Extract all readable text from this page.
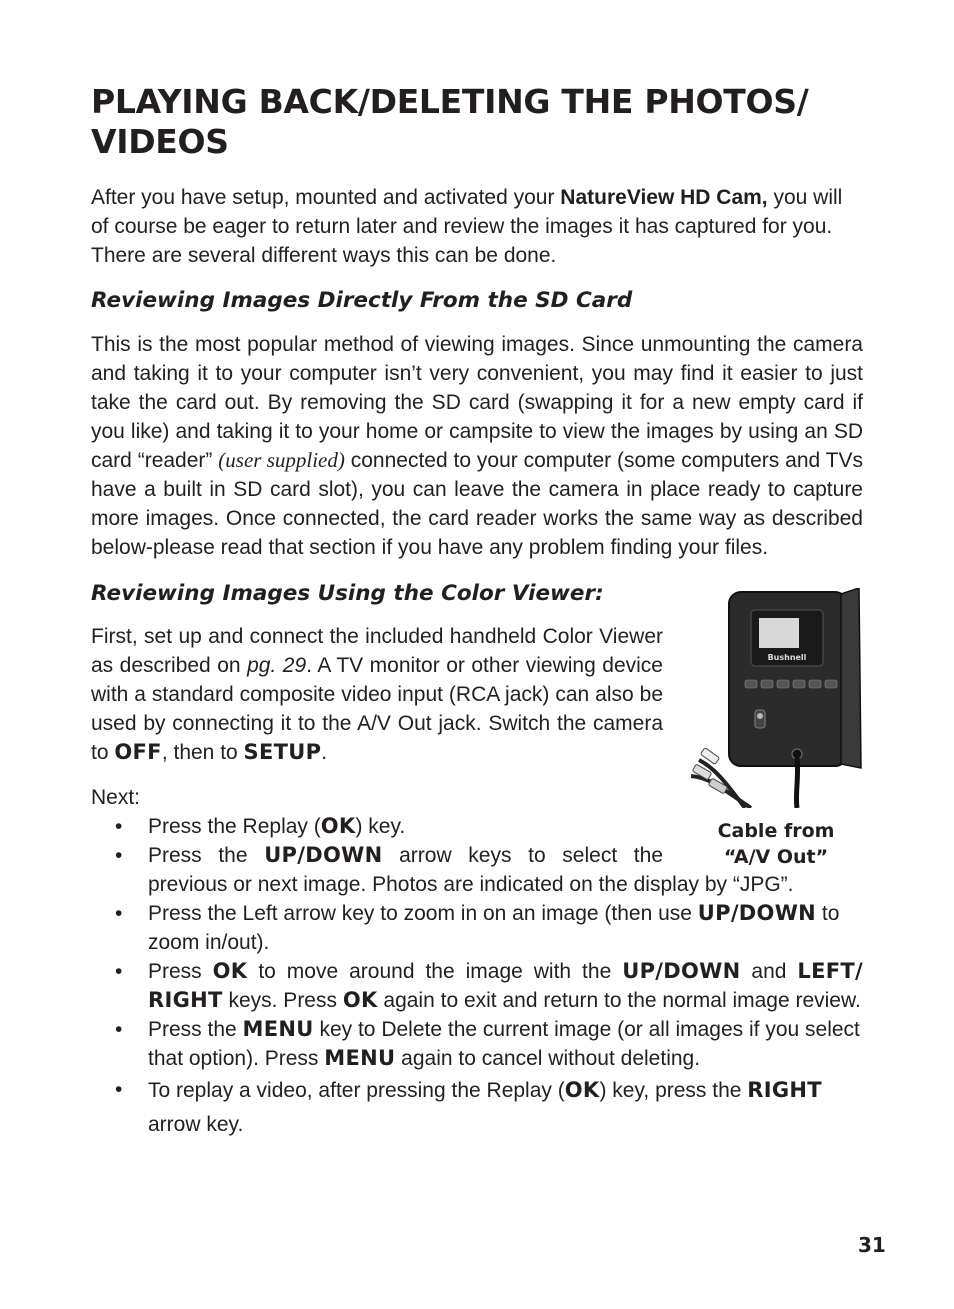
PLAYING BACK/DELETING THE PHOTOS/ VIDEOS

After you have setup, mounted and activated your NatureView HD Cam, you will of course be eager to return later and review the images it has captured for you. There are several different ways this can be done.

Reviewing Images Directly From the SD Card

This is the most popular method of viewing images. Since unmounting the camera and taking it to your computer isn’t very convenient, you may find it easier to just take the card out. By removing the SD card (swapping it for a new empty card if you like) and taking it to your home or campsite to view the images by using an SD card “reader” (user supplied) connected to your computer (some computers and TVs have a built in SD card slot), you can leave the camera in place ready to capture more images. Once connected, the card reader works the same way as described below-please read that section if you have any problem finding your files.

Reviewing Images Using the Color Viewer:
Bushnell
Cable from
“A/V Out”

First, set up and connect the included handheld Color Viewer as described on pg. 29. A TV monitor or other viewing device with a standard composite video input (RCA jack) can also be used by connecting it to the A/V Out jack. Switch the camera to OFF, then to SETUP.

Next:

• Press the Replay (OK) key.
• Press the UP/DOWN arrow keys to select the previous or next image. Photos are indicated on the display by “JPG”.
• Press the Left arrow key to zoom in on an image (then use UP/DOWN to zoom in/out).
• Press OK to move around the image with the UP/DOWN and LEFT/ RIGHT keys. Press OK again to exit and return to the normal image review.
• Press the MENU key to Delete the current image (or all images if you select that option). Press MENU again to cancel without deleting.
• To replay a video, after pressing the Replay (OK) key, press the RIGHT arrow key.
31
